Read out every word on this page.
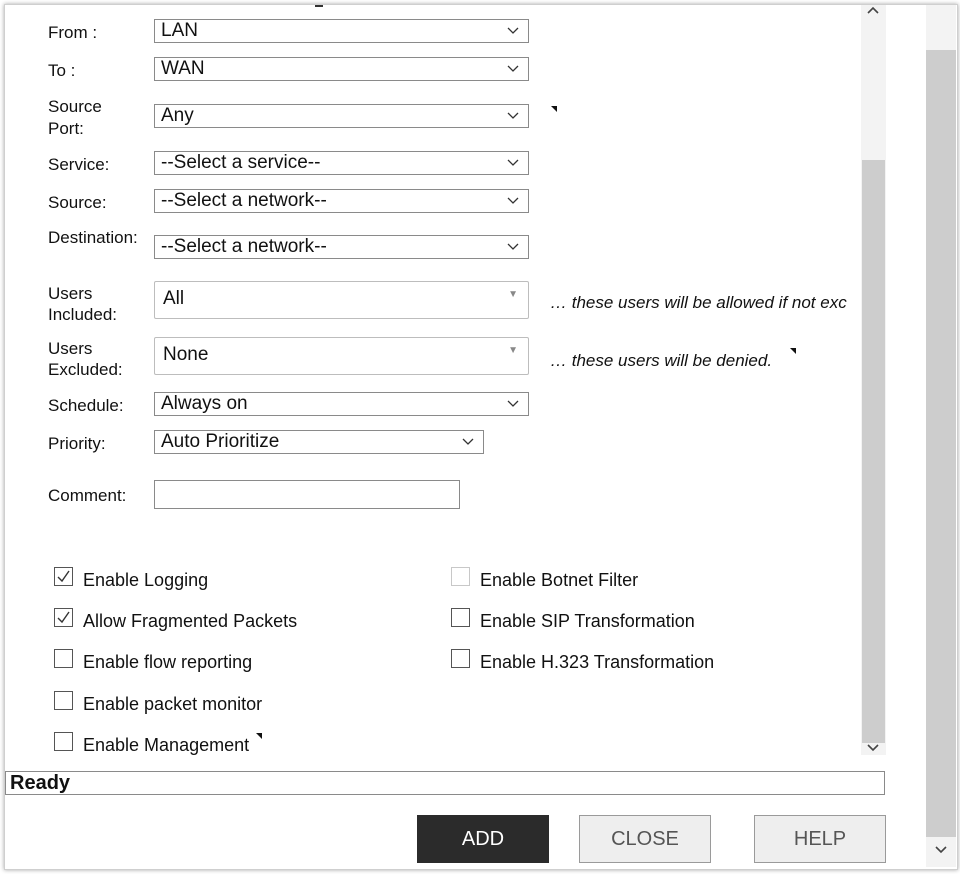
From :	LAN
To :	WAN
Source
Port:
Any
Service:	--Select a service--
Source:	--Select a network--
Destination:	--Select a network--
Users
Included:
All	▼ … these users will be allowed if not exc
Users
Excluded:
None	▼
… these users will be denied.
Schedule:	Always on
Priority:	Auto Prioritize
Comment:
Enable Logging
Allow Fragmented Packets
Enable flow reporting
Enable packet monitor
Enable Management
Enable Botnet Filter
Enable SIP Transformation
Enable H.323 Transformation
Ready
ADD	CLOSE	HELP
